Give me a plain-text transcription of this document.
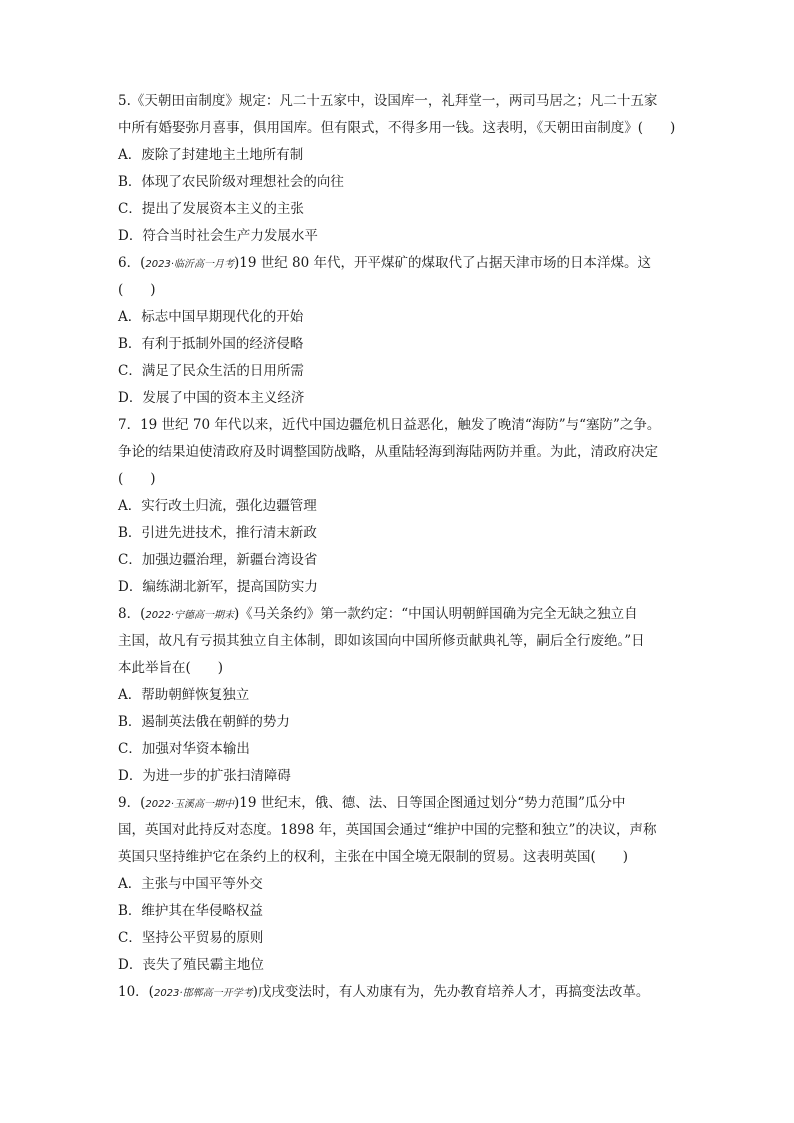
5.《天朝田亩制度》规定：凡二十五家中，设国库一，礼拜堂一，两司马居之；凡二十五家
中所有婚娶弥月喜事，俱用国库。但有限式，不得多用一钱。这表明，《天朝田亩制度》(　　)
A．废除了封建地主土地所有制
B．体现了农民阶级对理想社会的向往
C．提出了发展资本主义的主张
D．符合当时社会生产力发展水平
6．(2023·临沂高一月考)19 世纪 80 年代，开平煤矿的煤取代了占据天津市场的日本洋煤。这
(　　)
A．标志中国早期现代化的开始
B．有利于抵制外国的经济侵略
C．满足了民众生活的日用所需
D．发展了中国的资本主义经济
7．19 世纪 70 年代以来，近代中国边疆危机日益恶化，触发了晚清“海防”与“塞防”之争。
争论的结果迫使清政府及时调整国防战略，从重陆轻海到海陆两防并重。为此，清政府决定
(　　)
A．实行改土归流，强化边疆管理
B．引进先进技术，推行清末新政
C．加强边疆治理，新疆台湾设省
D．编练湖北新军，提高国防实力
8．(2022·宁德高一期末)《马关条约》第一款约定：“中国认明朝鲜国确为完全无缺之独立自
主国，故凡有亏损其独立自主体制，即如该国向中国所修贡献典礼等，嗣后全行废绝。”日
本此举旨在(　　)
A．帮助朝鲜恢复独立
B．遏制英法俄在朝鲜的势力
C．加强对华资本输出
D．为进一步的扩张扫清障碍
9．(2022·玉溪高一期中)19 世纪末，俄、德、法、日等国企图通过划分“势力范围”瓜分中
国，英国对此持反对态度。1898 年，英国国会通过“维护中国的完整和独立”的决议，声称
英国只坚持维护它在条约上的权利，主张在中国全境无限制的贸易。这表明英国(　　)
A．主张与中国平等外交
B．维护其在华侵略权益
C．坚持公平贸易的原则
D．丧失了殖民霸主地位
10．(2023·邯郸高一开学考)戊戌变法时，有人劝康有为，先办教育培养人才，再搞变法改革。
